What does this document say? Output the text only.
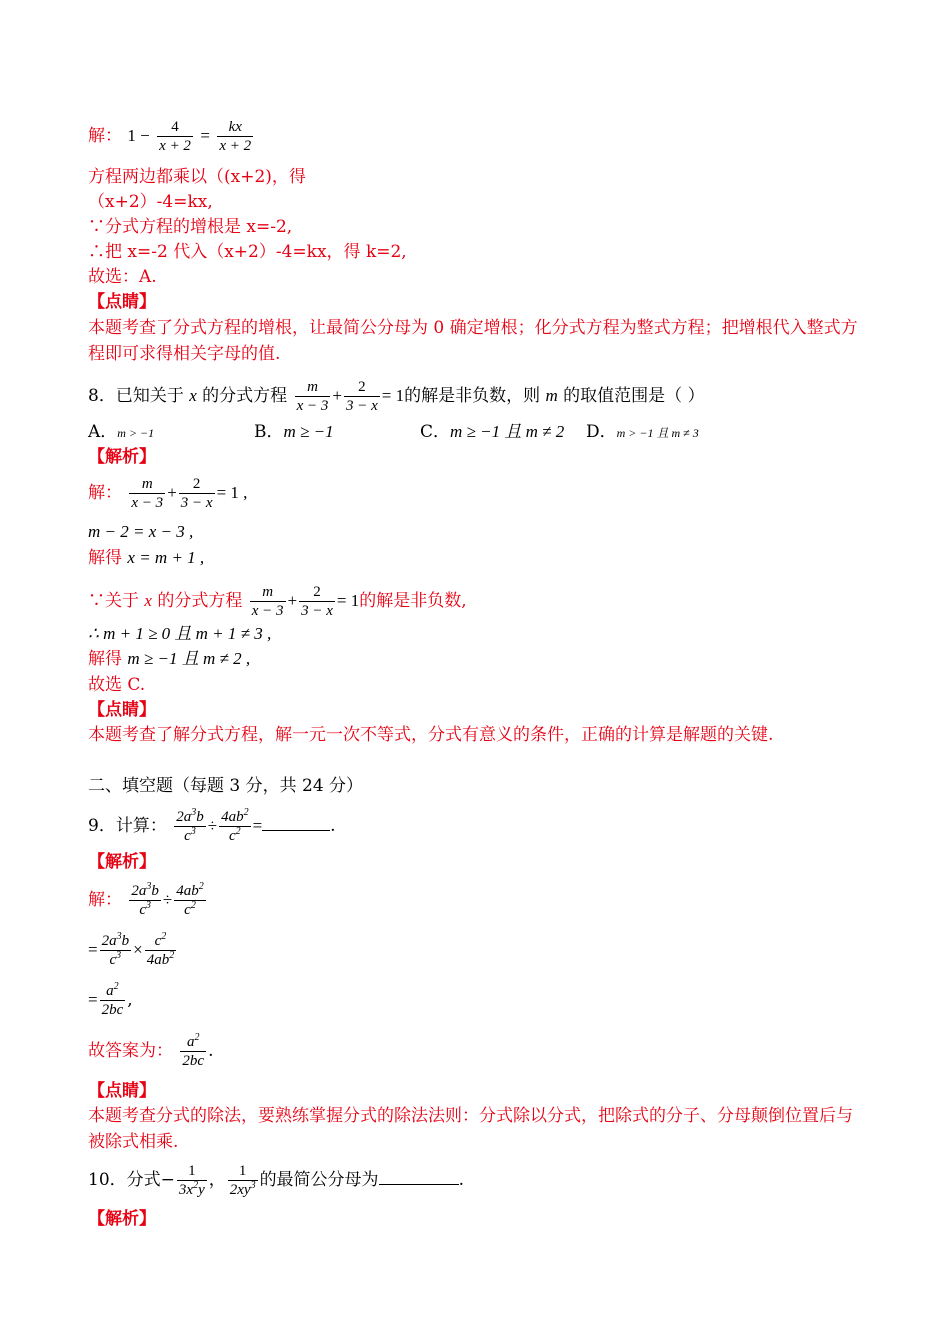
解： $1 - \frac{4}{x + 2} = \frac{kx}{x + 2}$
方程两边都乘以（(x+2)，得
（x+2）-4=kx,
∵分式方程的增根是 x=-2,
∴把 x=-2 代入（x+2）-4=kx，得 k=2,
故选：A.
【点睛】
本题考查了分式方程的增根，让最简公分母为 0 确定增根；化分式方程为整式方程；把增根代入整式方程即可求得相关字母的值.
8．已知关于 x 的分式方程 $\frac{m}{x - 3} + \frac{2}{3 - x} = 1$的解是非负数，则 m 的取值范围是（ ）
A．m > −1	B．m ≥ −1	C．m ≥ −1 且 m ≠ 2 D．m > −1 且 m ≠ 3
【解析】
解： $\frac{m}{x - 3} + \frac{2}{3 - x} = 1$ ,
m − 2 = x − 3 ,
解得 x = m + 1 ,
∵关于 x 的分式方程 $\frac{m}{x - 3} + \frac{2}{3 - x} = 1$的解是非负数,
∴ m + 1 ≥ 0 且 m + 1 ≠ 3 ,
解得 m ≥ −1 且 m ≠ 2 ,
故选 C.
【点睛】
本题考查了解分式方程，解一元一次不等式，分式有意义的条件，正确的计算是解题的关键.
二、填空题（每题 3 分，共 24 分）
9．计算： $\frac{2a^3b}{c^3} \div \frac{4ab^2}{c^2}$ =	.
【解析】
解： $\frac{2a^3b}{c^3} \div \frac{4ab^2}{c^2}$
= $\frac{2a^3b}{c^3} \times \frac{c^2}{4ab^2}$
= $\frac{a^2}{2bc}$ ,
故答案为： $\frac{a^2}{2bc}$ .
【点睛】
本题考查分式的除法，要熟练掌握分式的除法法则：分式除以分式，把除式的分子、分母颠倒位置后与被除式相乘.
10．分式− $\frac{1}{3x^2y}$ ， $\frac{1}{2xy^3}$ 的最简公分母为	.
【解析】
